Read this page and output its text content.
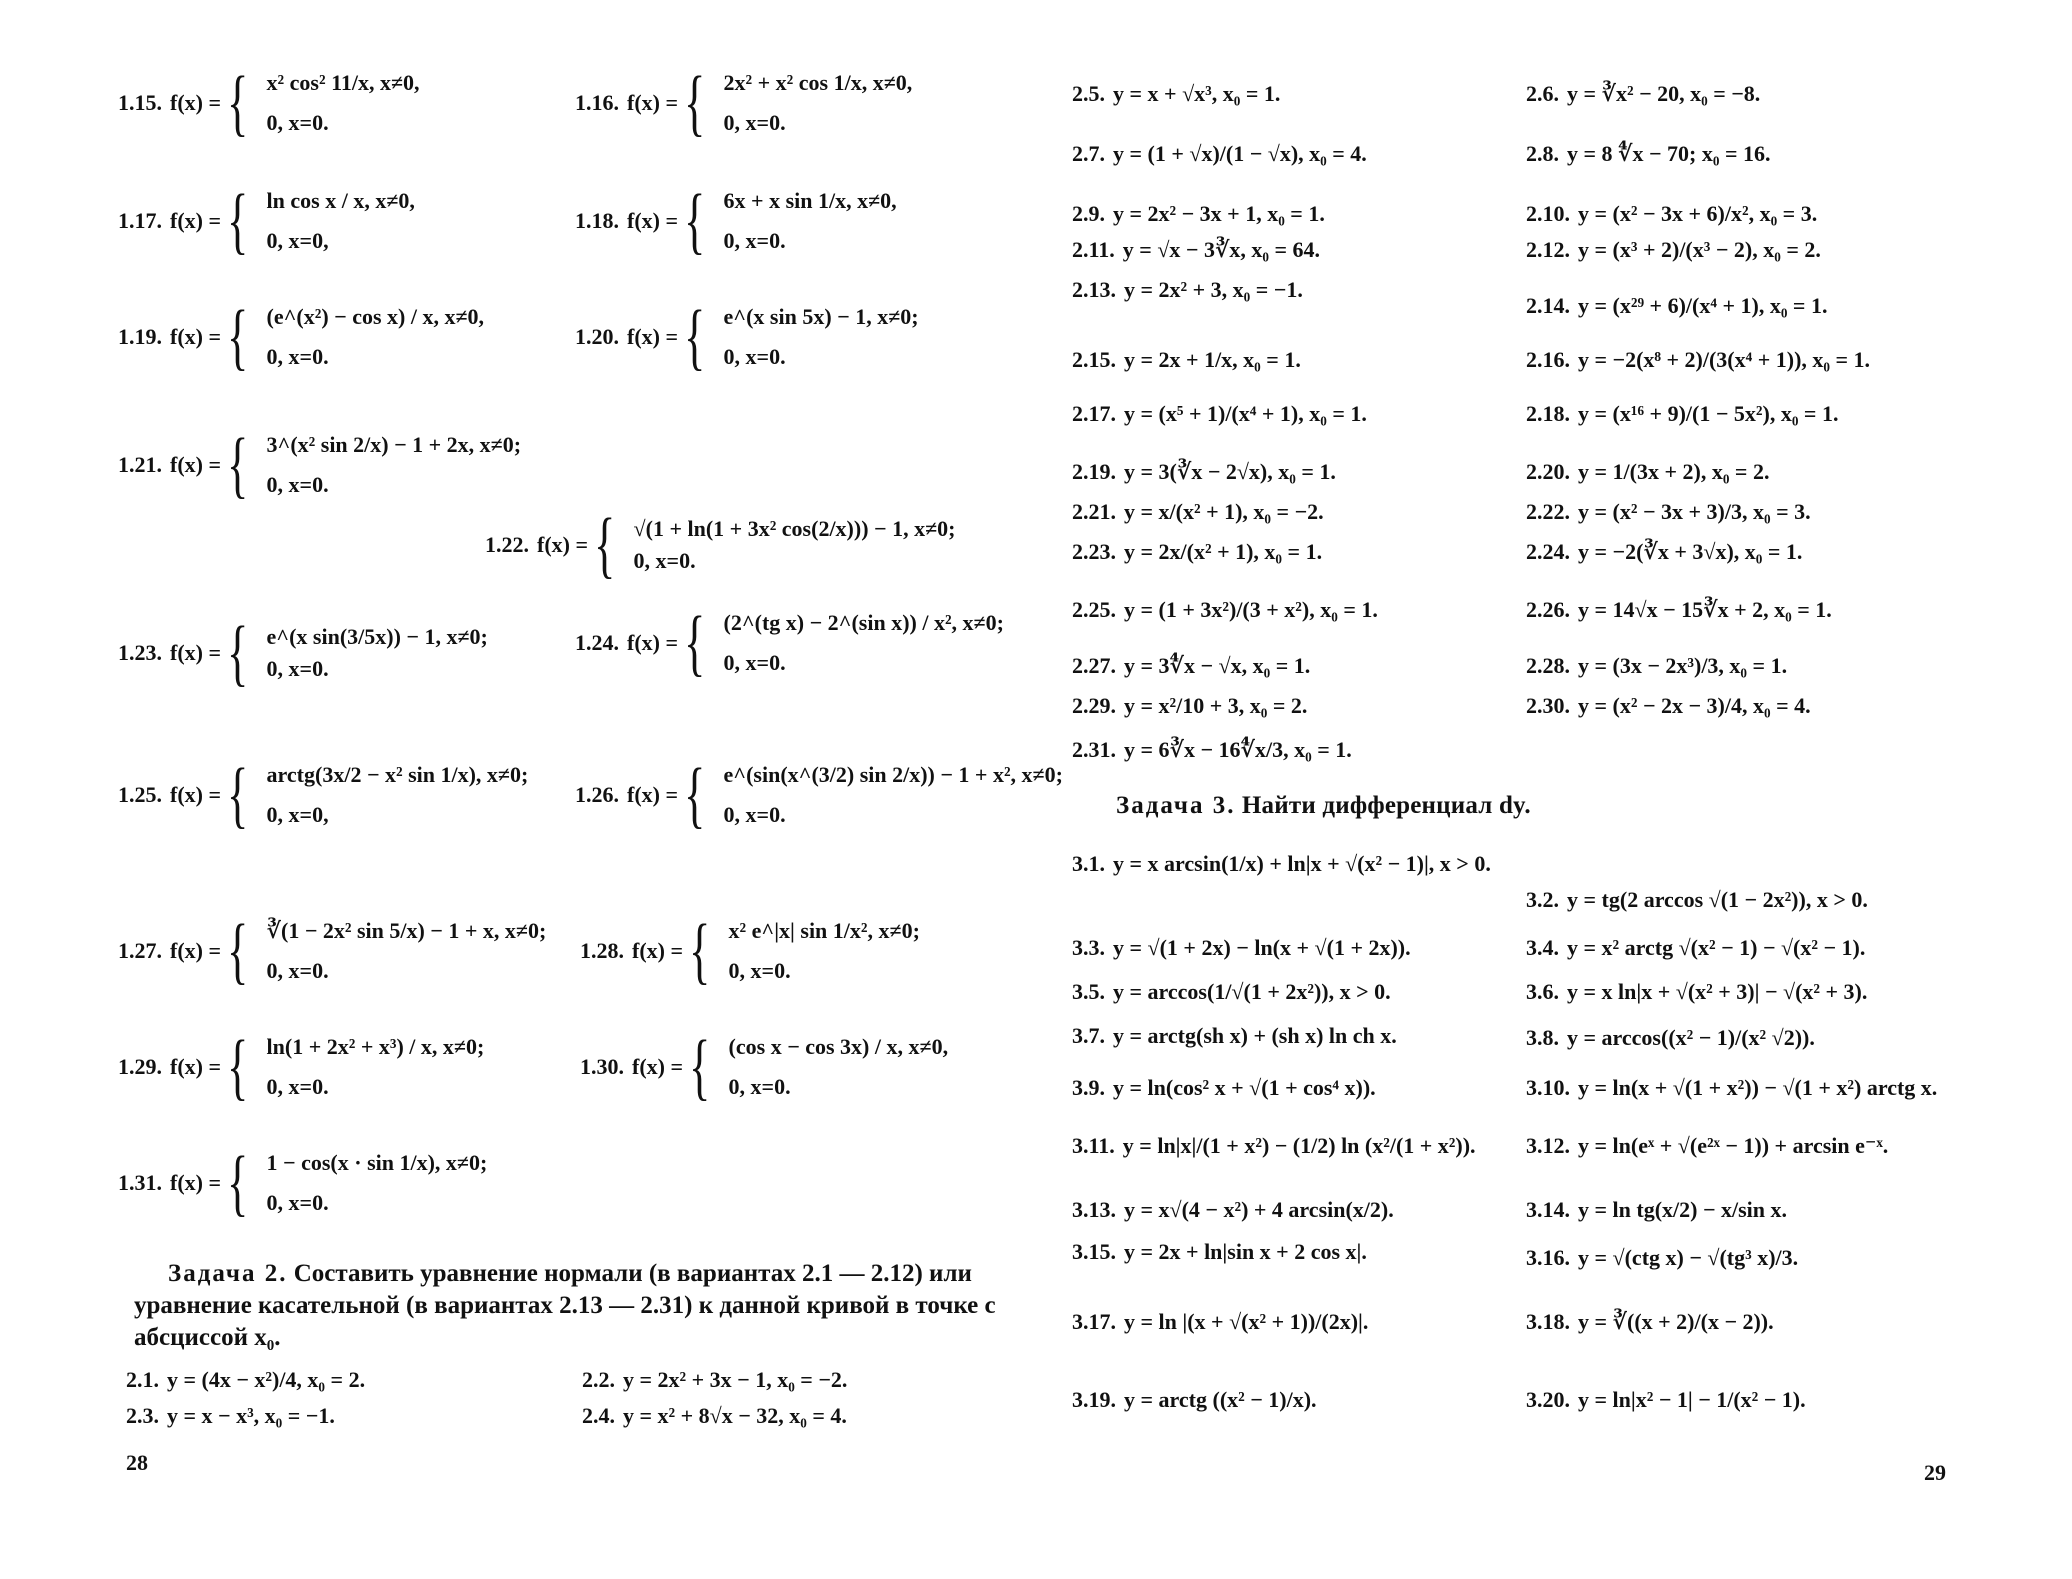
1.15. f(x) = { x² cos² 11/x, x≠0,
0, x=0.
1.16. f(x) = { 2x² + x² cos 1/x, x≠0,
0, x=0.
1.17. f(x) = { ln cos x / x, x≠0,
0, x=0,
1.18. f(x) = { 6x + x sin 1/x, x≠0,
0, x=0.
1.19. f(x) = { (e^(x²) − cos x) / x, x≠0,
0, x=0.
1.20. f(x) = { e^(x sin 5x) − 1, x≠0;
0, x=0.
1.21. f(x) = { 3^(x² sin 2/x) − 1 + 2x, x≠0;
0, x=0.
1.22. f(x) = { √(1 + ln(1 + 3x² cos(2/x))) − 1, x≠0;
0, x=0.
1.23. f(x) = { e^(x sin(3/5x)) − 1, x≠0;
0, x=0.
1.24. f(x) = { (2^(tg x) − 2^(sin x)) / x², x≠0;
0, x=0.
1.25. f(x) = { arctg(3x/2 − x² sin 1/x), x≠0;
0, x=0,
1.26. f(x) = { e^(sin(x^(3/2) sin 2/x)) − 1 + x², x≠0;
0, x=0.
1.27. f(x) = { ∛(1 − 2x² sin 5/x) − 1 + x, x≠0;
0, x=0.
1.28. f(x) = { x² e^|x| sin 1/x², x≠0;
0, x=0.
1.29. f(x) = { ln(1 + 2x² + x³) / x, x≠0;
0, x=0.
1.30. f(x) = { (cos x − cos 3x) / x, x≠0,
0, x=0.
1.31. f(x) = { 1 − cos(x · sin 1/x), x≠0;
0, x=0.
Задача 2. Составить уравнение нормали (в вариантах 2.1 — 2.12) или уравнение касательной (в вариантах 2.13 — 2.31) к данной кривой в точке с абсциссой x₀.
2.1. y = (4x − x²)/4, x₀ = 2.	2.2. y = 2x² + 3x − 1, x₀ = −2.
2.3. y = x − x³, x₀ = −1.	2.4. y = x² + 8√x − 32, x₀ = 4.
28
2.5. y = x + √x³, x₀ = 1.	2.6. y = ∛x² − 20, x₀ = −8.
2.7. y = (1 + √x)/(1 − √x), x₀ = 4.	2.8. y = 8 ∜x − 70; x₀ = 16.
2.9. y = 2x² − 3x + 1, x₀ = 1.	2.10. y = (x² − 3x + 6)/x², x₀ = 3.
2.11. y = √x − 3∛x, x₀ = 64.	2.12. y = (x³ + 2)/(x³ − 2), x₀ = 2.
2.13. y = 2x² + 3, x₀ = −1.
2.14. y = (x²⁹ + 6)/(x⁴ + 1), x₀ = 1.
2.15. y = 2x + 1/x, x₀ = 1.	2.16. y = −2(x⁸ + 2)/(3(x⁴ + 1)), x₀ = 1.
2.17. y = (x⁵ + 1)/(x⁴ + 1), x₀ = 1.	2.18. y = (x¹⁶ + 9)/(1 − 5x²), x₀ = 1.
2.19. y = 3(∛x − 2√x), x₀ = 1.	2.20. y = 1/(3x + 2), x₀ = 2.
2.21. y = x/(x² + 1), x₀ = −2.	2.22. y = (x² − 3x + 3)/3, x₀ = 3.
2.23. y = 2x/(x² + 1), x₀ = 1.	2.24. y = −2(∛x + 3√x), x₀ = 1.
2.25. y = (1 + 3x²)/(3 + x²), x₀ = 1.	2.26. y = 14√x − 15∛x + 2, x₀ = 1.
2.27. y = 3∜x − √x, x₀ = 1.	2.28. y = (3x − 2x³)/3, x₀ = 1.
2.29. y = x²/10 + 3, x₀ = 2.	2.30. y = (x² − 2x − 3)/4, x₀ = 4.
2.31. y = 6∛x − 16∜x/3, x₀ = 1.
Задача 3. Найти дифференциал dy.
3.1. y = x arcsin(1/x) + ln|x + √(x² − 1)|, x > 0.
3.2. y = tg(2 arccos √(1 − 2x²)), x > 0.
3.3. y = √(1 + 2x) − ln(x + √(1 + 2x)).	3.4. y = x² arctg √(x² − 1) − √(x² − 1).
3.5. y = arccos(1/√(1 + 2x²)), x > 0.	3.6. y = x ln|x + √(x² + 3)| − √(x² + 3).
3.7. y = arctg(sh x) + (sh x) ln ch x.	3.8. y = arccos((x² − 1)/(x² √2)).
3.9. y = ln(cos² x + √(1 + cos⁴ x)).	3.10. y = ln(x + √(1 + x²)) − √(1 + x²) arctg x.
3.11. y = ln|x|/(1 + x²) − (1/2) ln (x²/(1 + x²)). 3.12. y = ln(eˣ + √(e²ˣ − 1)) + arcsin e⁻ˣ.
3.13. y = x√(4 − x²) + 4 arcsin(x/2).	3.14. y = ln tg(x/2) − x/sin x.
3.15. y = 2x + ln|sin x + 2 cos x|.	3.16. y = √(ctg x) − √(tg³ x)/3.
3.17. y = ln |(x + √(x² + 1))/(2x)|.	3.18. y = ∛((x + 2)/(x − 2)).
3.19. y = arctg ((x² − 1)/x).	3.20. y = ln|x² − 1| − 1/(x² − 1).
29
